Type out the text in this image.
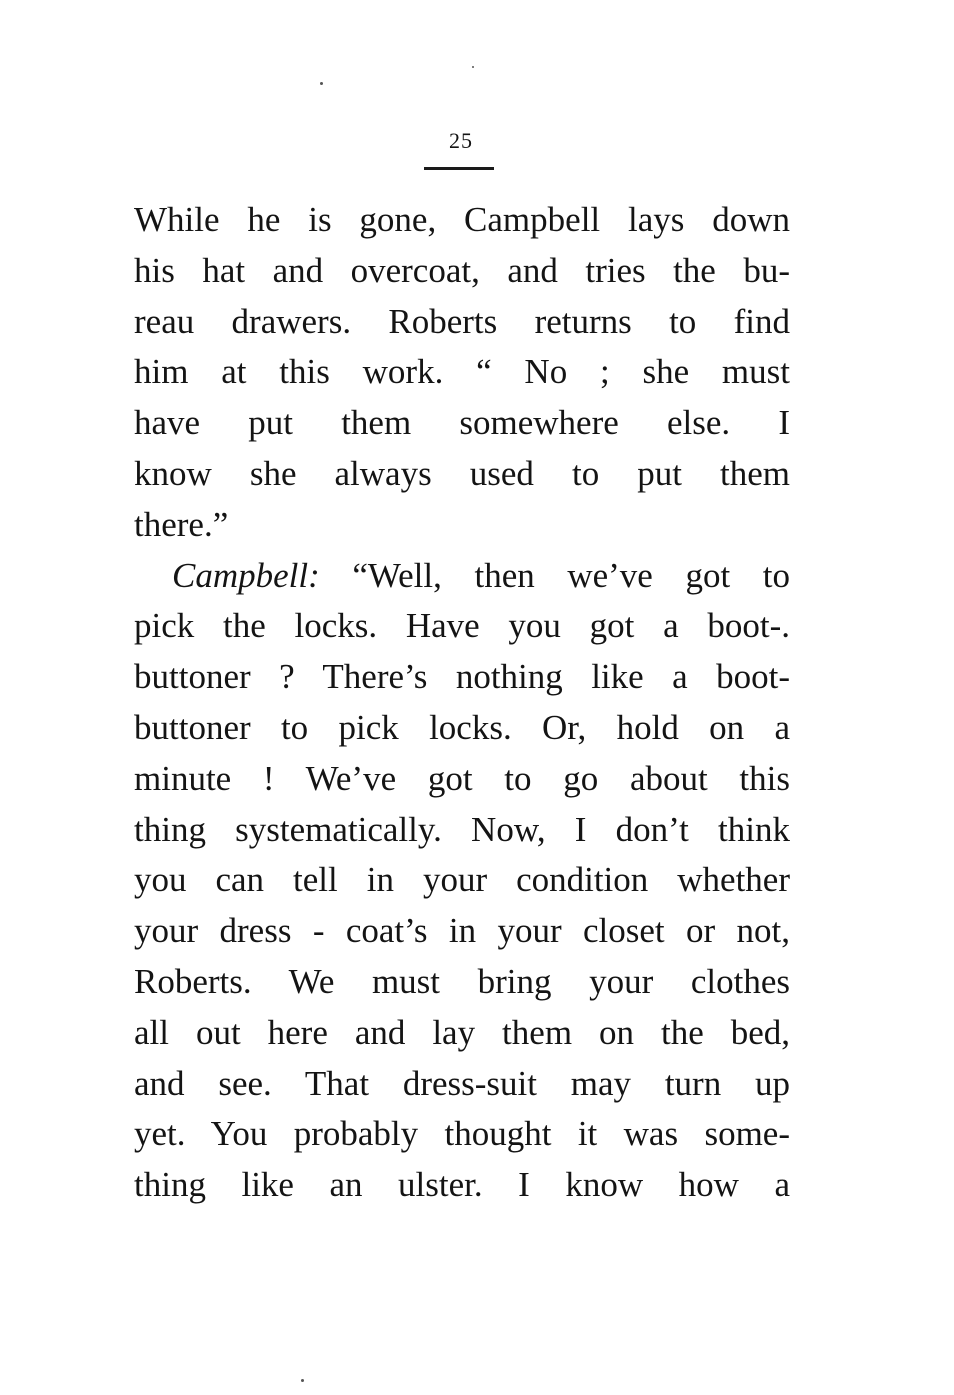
25
While he is gone, Campbell lays down
his hat and overcoat, and tries the bu-
reau drawers. Roberts returns to find
him at this work. “ No ; she must
have put them somewhere else. I
know she always used to put them
there.”
Campbell: “Well, then we’ve got to
pick the locks. Have you got a boot-.
buttoner ? There’s nothing like a boot-
buttoner to pick locks. Or, hold on a
minute ! We’ve got to go about this
thing systematically. Now, I don’t think
you can tell in your condition whether
your dress - coat’s in your closet or not,
Roberts. We must bring your clothes
all out here and lay them on the bed,
and see. That dress-suit may turn up
yet. You probably thought it was some-
thing like an ulster. I know how a
